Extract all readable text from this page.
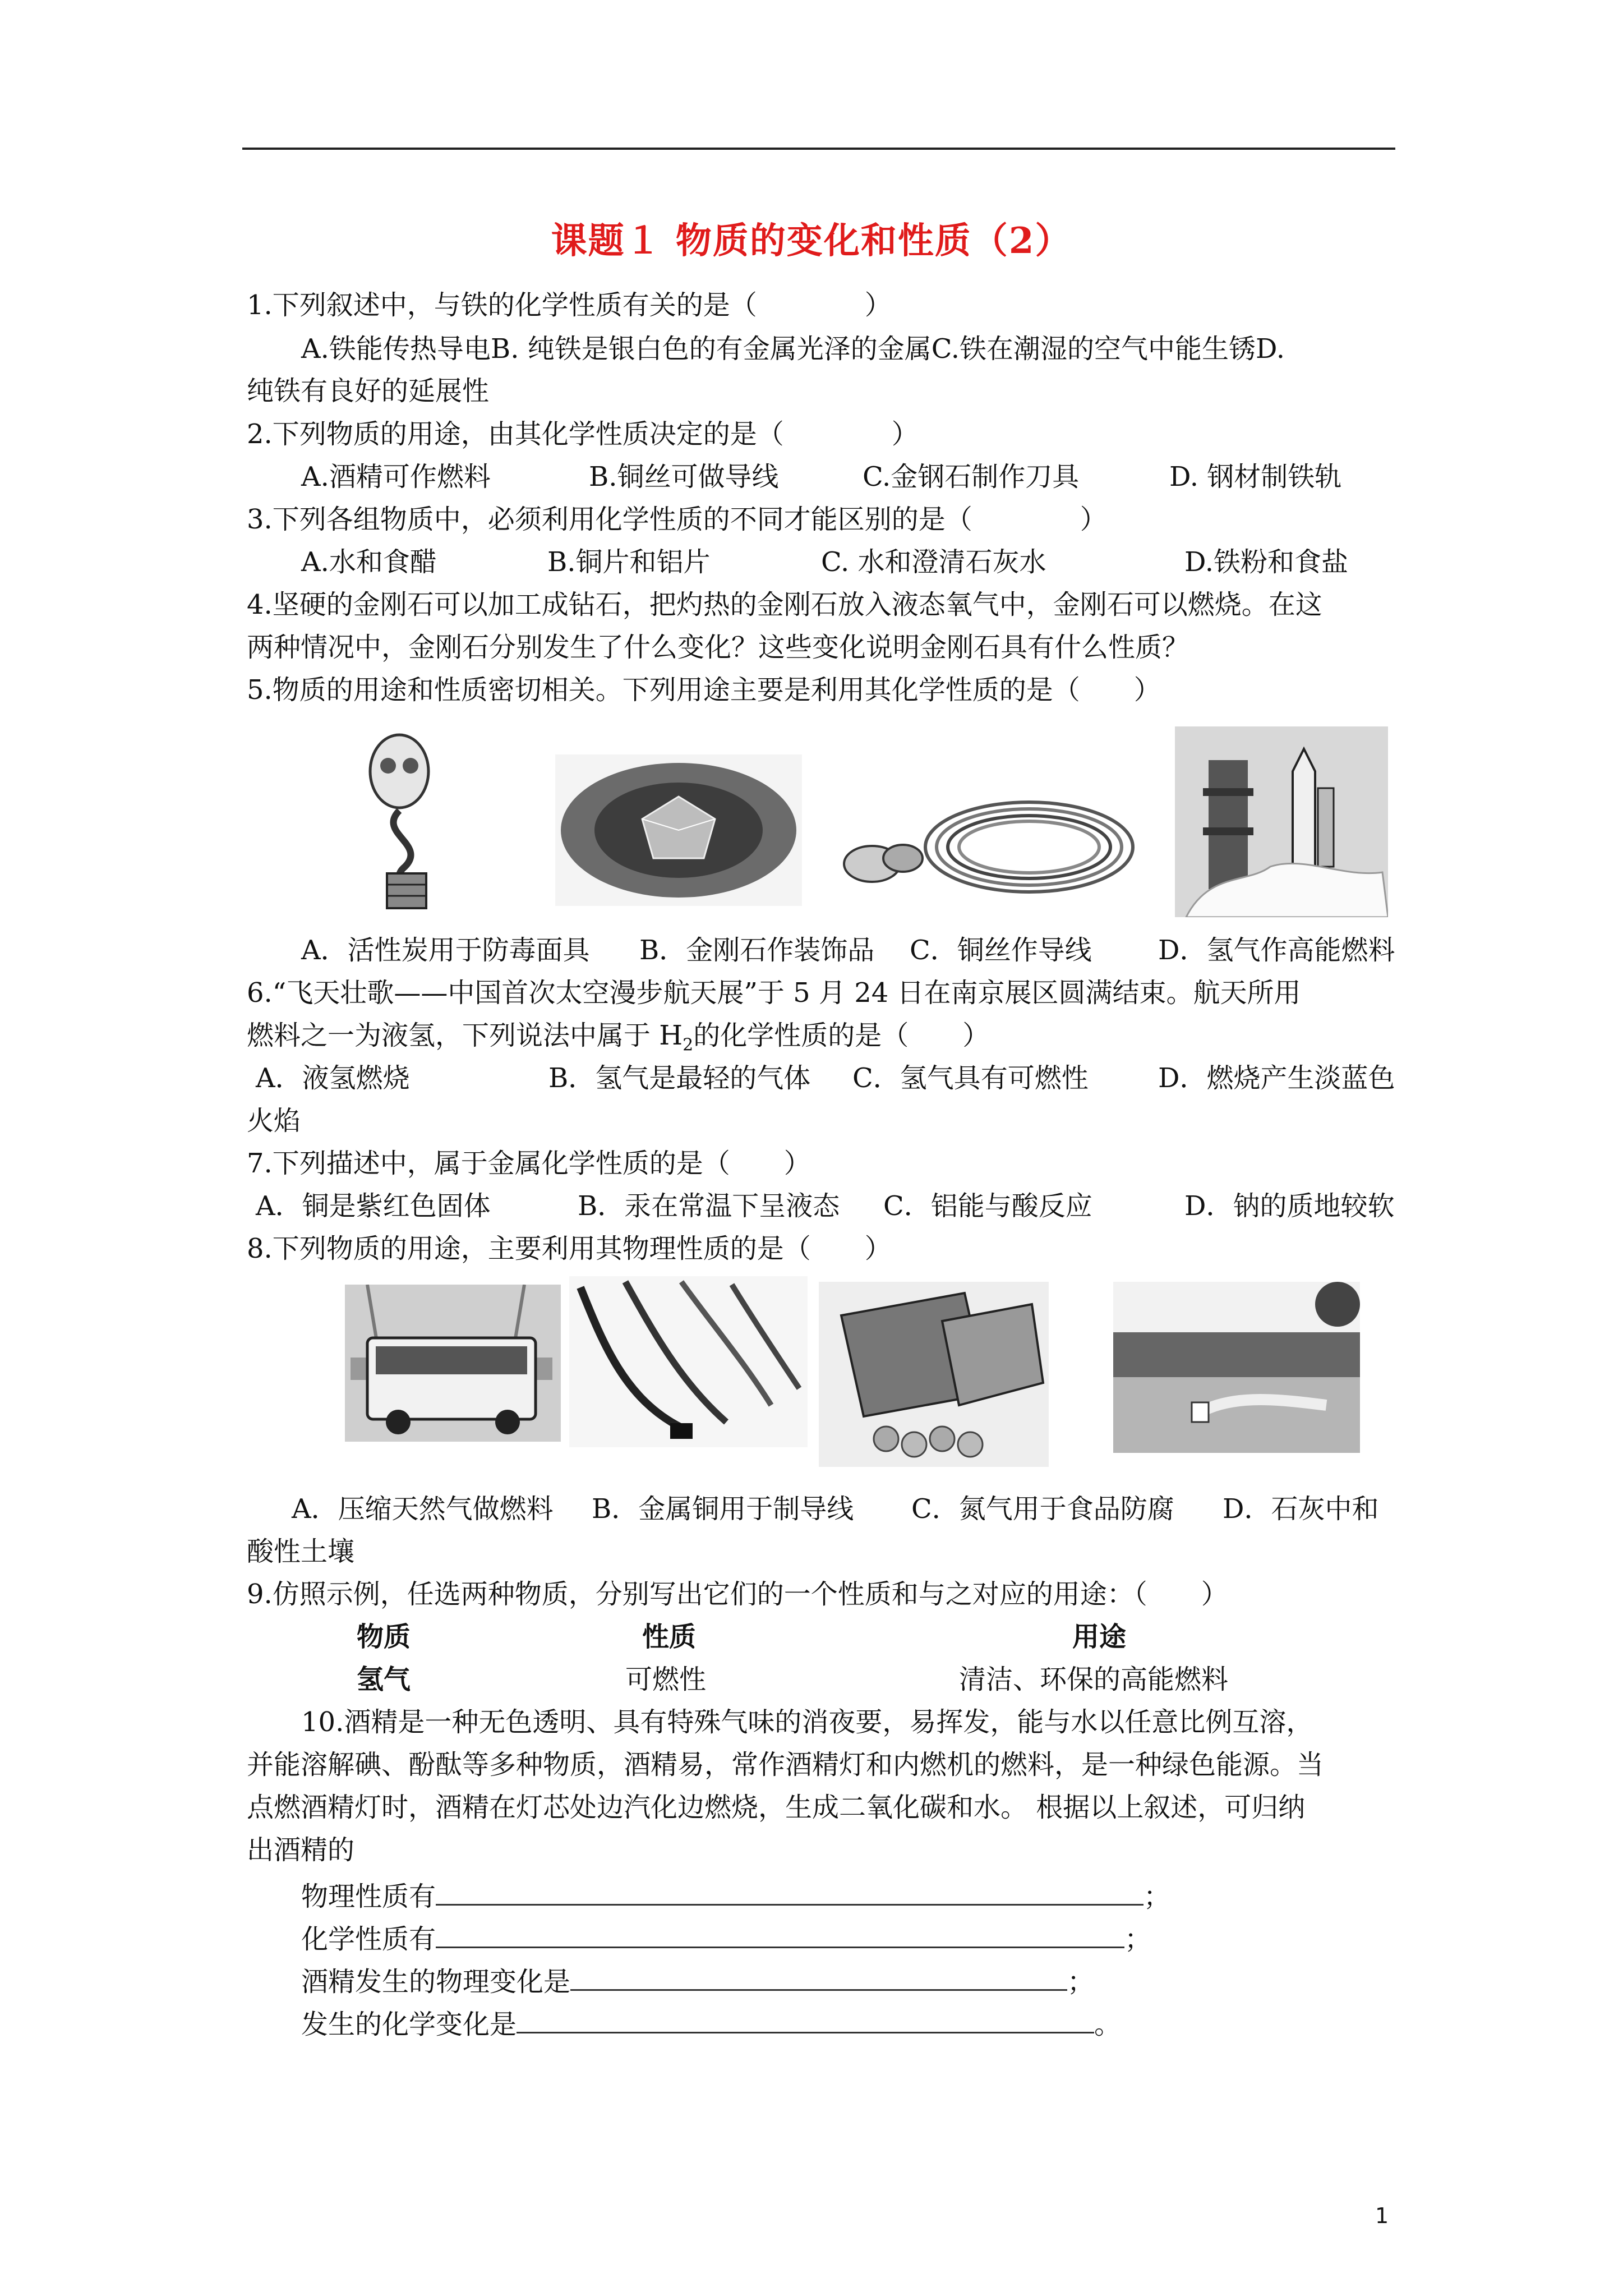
课题１ 物质的变化和性质（2）
1.下列叙述中，与铁的化学性质有关的是（　　　　）
A.铁能传热导电B. 纯铁是银白色的有金属光泽的金属C.铁在潮湿的空气中能生锈D.
纯铁有良好的延展性
2.下列物质的用途，由其化学性质决定的是（　　　　）
A.酒精可作燃料	B.铜丝可做导线	C.金钢石制作刀具	D. 钢材制铁轨
3.下列各组物质中，必须利用化学性质的不同才能区别的是（　　　　）
A.水和食醋	B.铜片和铝片	C. 水和澄清石灰水	D.铁粉和食盐
4.坚硬的金刚石可以加工成钻石，把灼热的金刚石放入液态氧气中，金刚石可以燃烧。在这
两种情况中，金刚石分别发生了什么变化？这些变化说明金刚石具有什么性质？
5.物质的用途和性质密切相关。下列用途主要是利用其化学性质的是（　　）
A．活性炭用于防毒面具 B．金刚石作装饰品 C．铜丝作导线 D．氢气作高能燃料
6.“飞天壮歌——中国首次太空漫步航天展”于 5 月 24 日在南京展区圆满结束。航天所用
燃料之一为液氢，下列说法中属于 $H_2$的化学性质的是（　　）
A．液氢燃烧	B．氢气是最轻的气体 C．氢气具有可燃性	D．燃烧产生淡蓝色
火焰
7.下列描述中，属于金属化学性质的是（　　）
A．铜是紫红色固体	B．汞在常温下呈液态 C．铝能与酸反应	D．钠的质地较软
8.下列物质的用途，主要利用其物理性质的是（　　）
A．压缩天然气做燃料 B．金属铜用于制导线 C．氮气用于食品防腐 D．石灰中和
酸性土壤
9.仿照示例，任选两种物质，分别写出它们的一个性质和与之对应的用途：（　　）
物质	性质	用途
氢气	可燃性	清洁、环保的高能燃料
10.酒精是一种无色透明、具有特殊气味的消夜要，易挥发，能与水以任意比例互溶，
并能溶解碘、酚酞等多种物质，酒精易，常作酒精灯和内燃机的燃料，是一种绿色能源。当
点燃酒精灯时，酒精在灯芯处边汽化边燃烧，生成二氧化碳和水。 根据以上叙述，可归纳
出酒精的
物理性质有	；
化学性质有	；
酒精发生的物理变化是	；
发生的化学变化是	。
1
